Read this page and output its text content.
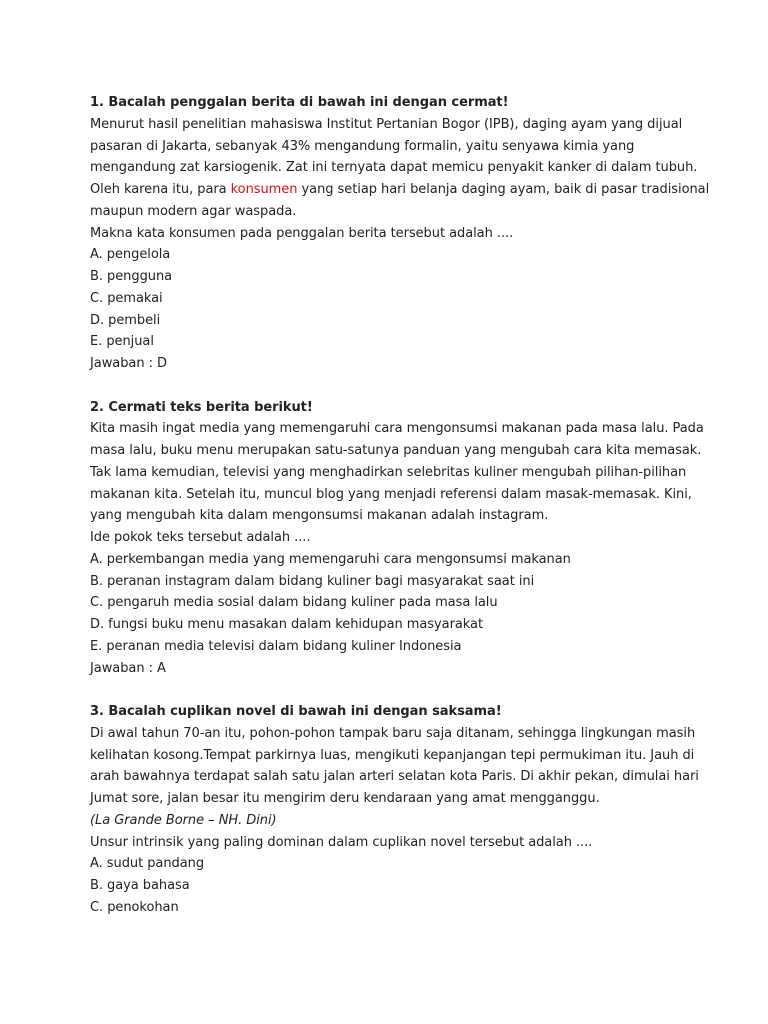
1. Bacalah penggalan berita di bawah ini dengan cermat!
Menurut hasil penelitian mahasiswa Institut Pertanian Bogor (IPB), daging ayam yang dijual
pasaran di Jakarta, sebanyak 43% mengandung formalin, yaitu senyawa kimia yang
mengandung zat karsiogenik. Zat ini ternyata dapat memicu penyakit kanker di dalam tubuh.
Oleh karena itu, para konsumen yang setiap hari belanja daging ayam, baik di pasar tradisional
maupun modern agar waspada.
Makna kata konsumen pada penggalan berita tersebut adalah ....
A. pengelola
B. pengguna
C. pemakai
D. pembeli
E. penjual
Jawaban : D
2. Cermati teks berita berikut!
Kita masih ingat media yang memengaruhi cara mengonsumsi makanan pada masa lalu. Pada
masa lalu, buku menu merupakan satu-satunya panduan yang mengubah cara kita memasak.
Tak lama kemudian, televisi yang menghadirkan selebritas kuliner mengubah pilihan-pilihan
makanan kita. Setelah itu, muncul blog yang menjadi referensi dalam masak-memasak. Kini,
yang mengubah kita dalam mengonsumsi makanan adalah instagram.
Ide pokok teks tersebut adalah ....
A. perkembangan media yang memengaruhi cara mengonsumsi makanan
B. peranan instagram dalam bidang kuliner bagi masyarakat saat ini
C. pengaruh media sosial dalam bidang kuliner pada masa lalu
D. fungsi buku menu masakan dalam kehidupan masyarakat
E. peranan media televisi dalam bidang kuliner Indonesia
Jawaban : A
3. Bacalah cuplikan novel di bawah ini dengan saksama!
Di awal tahun 70-an itu, pohon-pohon tampak baru saja ditanam, sehingga lingkungan masih
kelihatan kosong.Tempat parkirnya luas, mengikuti kepanjangan tepi permukiman itu. Jauh di
arah bawahnya terdapat salah satu jalan arteri selatan kota Paris. Di akhir pekan, dimulai hari
Jumat sore, jalan besar itu mengirim deru kendaraan yang amat mengganggu.
(La Grande Borne – NH. Dini)
Unsur intrinsik yang paling dominan dalam cuplikan novel tersebut adalah ....
A. sudut pandang
B. gaya bahasa
C. penokohan
